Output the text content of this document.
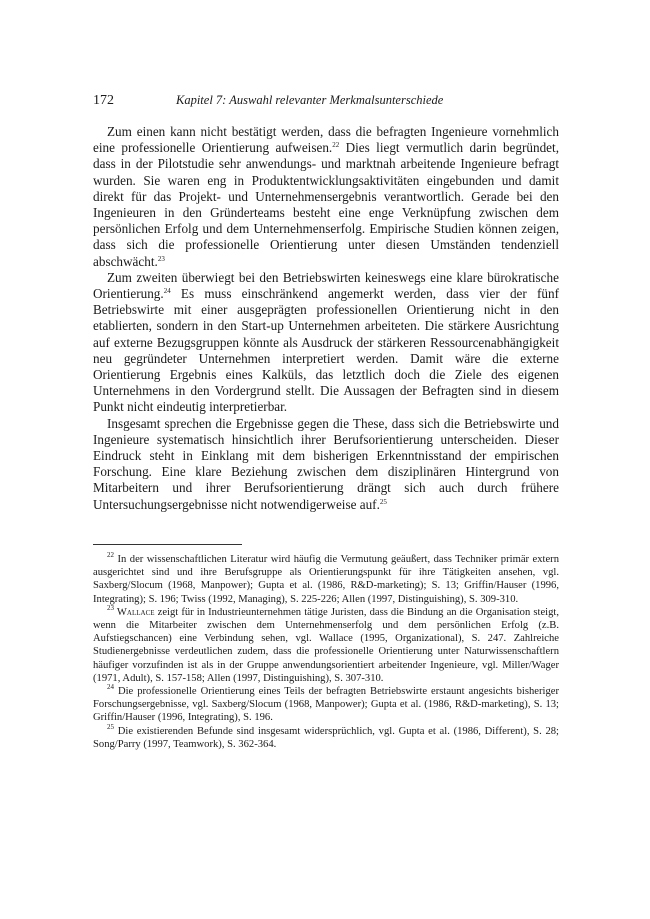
172	Kapitel 7: Auswahl relevanter Merkmalsunterschiede

Zum einen kann nicht bestätigt werden, dass die befragten Ingenieure vornehmlich eine professionelle Orientierung aufweisen.$^{22}$ Dies liegt vermutlich darin begründet, dass in der Pilotstudie sehr anwendungs- und marktnah arbeitende Ingenieure befragt wurden. Sie waren eng in Produktentwicklungsaktivitäten eingebunden und damit direkt für das Projekt- und Unternehmensergebnis verantwortlich. Gerade bei den Ingenieuren in den Gründerteams besteht eine enge Verknüpfung zwischen dem persönlichen Erfolg und dem Unternehmenserfolg. Empirische Studien können zeigen, dass sich die professionelle Orientierung unter diesen Umständen tendenziell abschwächt.$^{23}$

Zum zweiten überwiegt bei den Betriebswirten keineswegs eine klare bürokratische Orientierung.$^{24}$ Es muss einschränkend angemerkt werden, dass vier der fünf Betriebswirte mit einer ausgeprägten professionellen Orientierung nicht in den etablierten, sondern in den Start-up Unternehmen arbeiteten. Die stärkere Ausrichtung auf externe Bezugsgruppen könnte als Ausdruck der stärkeren Ressourcenabhängigkeit neu gegründeter Unternehmen interpretiert werden. Damit wäre die externe Orientierung Ergebnis eines Kalküls, das letztlich doch die Ziele des eigenen Unternehmens in den Vordergrund stellt. Die Aussagen der Befragten sind in diesem Punkt nicht eindeutig interpretierbar.

Insgesamt sprechen die Ergebnisse gegen die These, dass sich die Betriebswirte und Ingenieure systematisch hinsichtlich ihrer Berufsorientierung unterscheiden. Dieser Eindruck steht in Einklang mit dem bisherigen Erkenntnisstand der empirischen Forschung. Eine klare Beziehung zwischen dem disziplinären Hintergrund von Mitarbeitern und ihrer Berufsorientierung drängt sich auch durch frühere Untersuchungsergebnisse nicht notwendigerweise auf.$^{25}$

$^{22}$ In der wissenschaftlichen Literatur wird häufig die Vermutung geäußert, dass Techniker primär extern ausgerichtet sind und ihre Berufsgruppe als Orientierungspunkt für ihre Tätigkeiten ansehen, vgl. Saxberg/Slocum (1968, Manpower); Gupta et al. (1986, R&D-marketing); S. 13; Griffin/Hauser (1996, Integrating); S. 196; Twiss (1992, Managing), S. 225-226; Allen (1997, Distinguishing), S. 309-310.

$^{23}$ Wallace zeigt für in Industrieunternehmen tätige Juristen, dass die Bindung an die Organisation steigt, wenn die Mitarbeiter zwischen dem Unternehmenserfolg und dem persönlichen Erfolg (z.B. Aufstiegschancen) eine Verbindung sehen, vgl. Wallace (1995, Organizational), S. 247. Zahlreiche Studienergebnisse verdeutlichen zudem, dass die professionelle Orientierung unter Naturwissenschaftlern häufiger vorzufinden ist als in der Gruppe anwendungsorientiert arbeitender Ingenieure, vgl. Miller/Wager (1971, Adult), S. 157-158; Allen (1997, Distinguishing), S. 307-310.

$^{24}$ Die professionelle Orientierung eines Teils der befragten Betriebswirte erstaunt angesichts bisheriger Forschungsergebnisse, vgl. Saxberg/Slocum (1968, Manpower); Gupta et al. (1986, R&D-marketing), S. 13; Griffin/Hauser (1996, Integrating), S. 196.

$^{25}$ Die existierenden Befunde sind insgesamt widersprüchlich, vgl. Gupta et al. (1986, Different), S. 28; Song/Parry (1997, Teamwork), S. 362-364.
